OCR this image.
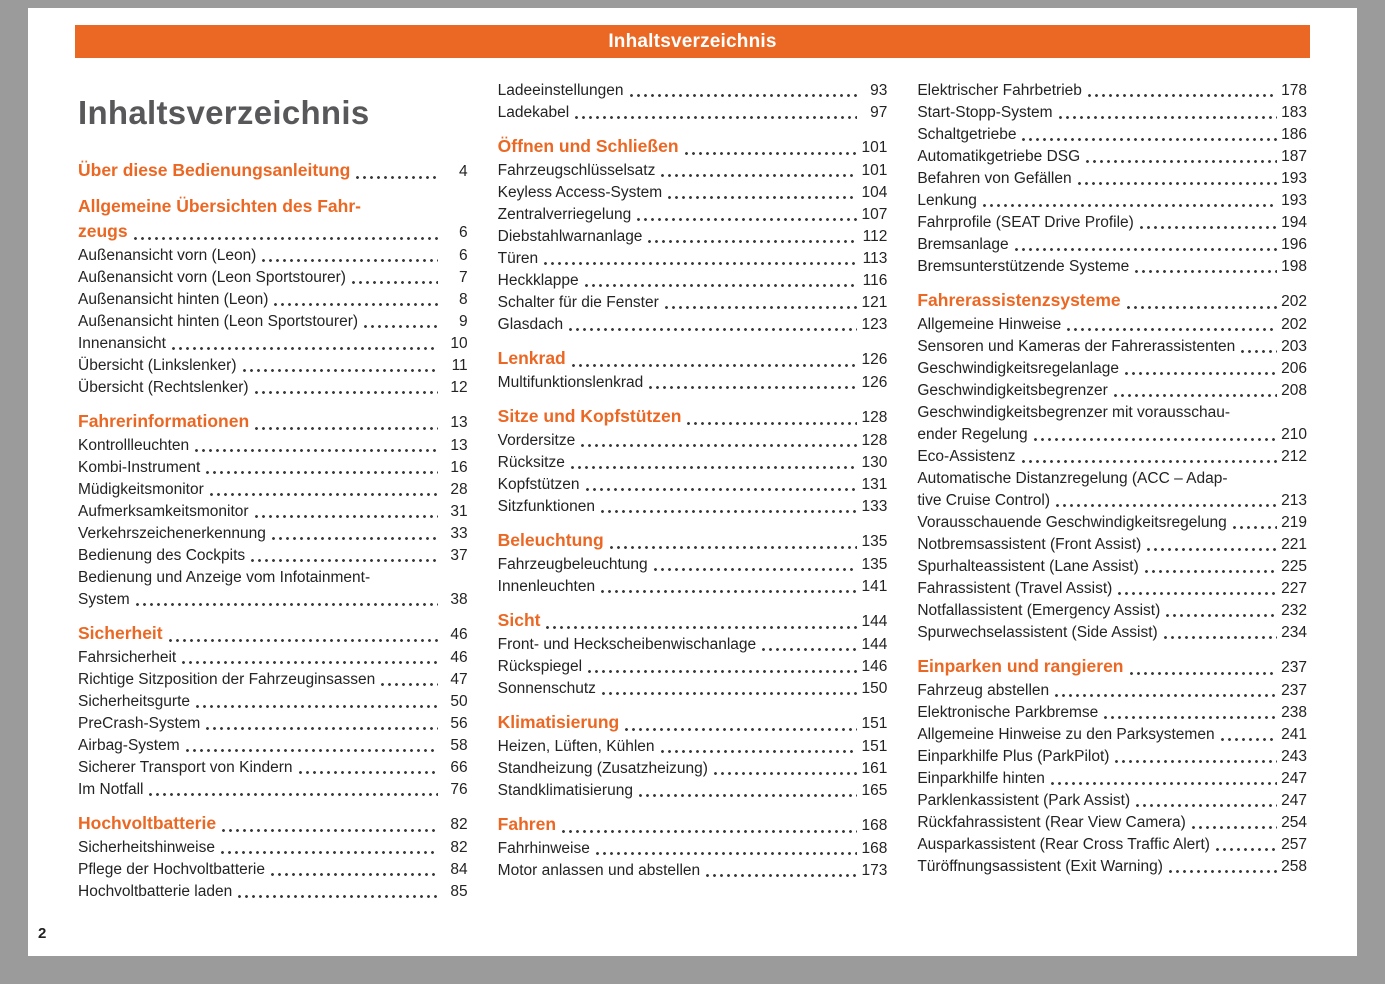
Inhaltsverzeichnis
Inhaltsverzeichnis
Über diese Bedienungsanleitung	4
Allgemeine Übersichten des Fahr-
zeugs	6
Außenansicht vorn (Leon)	6
Außenansicht vorn (Leon Sportstourer)	7
Außenansicht hinten (Leon)	8
Außenansicht hinten (Leon Sportstourer)	9
Innenansicht	10
Übersicht (Linkslenker)	11
Übersicht (Rechtslenker)	12
Fahrerinformationen	13
Kontrollleuchten	13
Kombi-Instrument	16
Müdigkeitsmonitor	28
Aufmerksamkeitsmonitor	31
Verkehrszeichenerkennung	33
Bedienung des Cockpits	37
Bedienung und Anzeige vom Infotainment-
System	38
Sicherheit	46
Fahrsicherheit	46
Richtige Sitzposition der Fahrzeuginsassen	47
Sicherheitsgurte	50
PreCrash-System	56
Airbag-System	58
Sicherer Transport von Kindern	66
Im Notfall	76
Hochvoltbatterie	82
Sicherheitshinweise	82
Pflege der Hochvoltbatterie	84
Hochvoltbatterie laden	85
Ladeeinstellungen	93
Ladekabel	97
Öffnen und Schließen	101
Fahrzeugschlüsselsatz	101
Keyless Access-System	104
Zentralverriegelung	107
Diebstahlwarnanlage	112
Türen	113
Heckklappe	116
Schalter für die Fenster	121
Glasdach	123
Lenkrad	126
Multifunktionslenkrad	126
Sitze und Kopfstützen	128
Vordersitze	128
Rücksitze	130
Kopfstützen	131
Sitzfunktionen	133
Beleuchtung	135
Fahrzeugbeleuchtung	135
Innenleuchten	141
Sicht	144
Front- und Heckscheibenwischanlage	144
Rückspiegel	146
Sonnenschutz	150
Klimatisierung	151
Heizen, Lüften, Kühlen	151
Standheizung (Zusatzheizung)	161
Standklimatisierung	165
Fahren	168
Fahrhinweise	168
Motor anlassen und abstellen	173
Elektrischer Fahrbetrieb	178
Start-Stopp-System	183
Schaltgetriebe	186
Automatikgetriebe DSG	187
Befahren von Gefällen	193
Lenkung	193
Fahrprofile (SEAT Drive Profile)	194
Bremsanlage	196
Bremsunterstützende Systeme	198
Fahrerassistenzsysteme	202
Allgemeine Hinweise	202
Sensoren und Kameras der Fahrerassistenten	203
Geschwindigkeitsregelanlage	206
Geschwindigkeitsbegrenzer	208
Geschwindigkeitsbegrenzer mit vorausschau-
ender Regelung	210
Eco-Assistenz	212
Automatische Distanzregelung (ACC – Adap-
tive Cruise Control)	213
Vorausschauende Geschwindigkeitsregelung	219
Notbremsassistent (Front Assist)	221
Spurhalteassistent (Lane Assist)	225
Fahrassistent (Travel Assist)	227
Notfallassistent (Emergency Assist)	232
Spurwechselassistent (Side Assist)	234
Einparken und rangieren	237
Fahrzeug abstellen	237
Elektronische Parkbremse	238
Allgemeine Hinweise zu den Parksystemen	241
Einparkhilfe Plus (ParkPilot)	243
Einparkhilfe hinten	247
Parklenkassistent (Park Assist)	247
Rückfahrassistent (Rear View Camera)	254
Ausparkassistent (Rear Cross Traffic Alert)	257
Türöffnungsassistent (Exit Warning)	258
2
